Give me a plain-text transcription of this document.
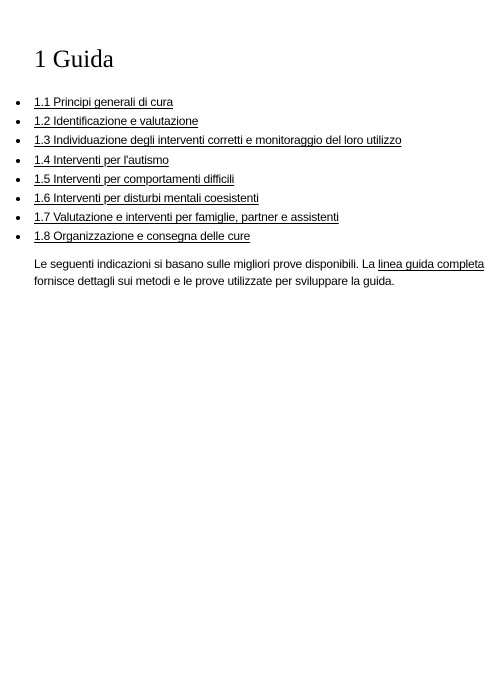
1 Guida
1.1 Principi generali di cura
1.2 Identificazione e valutazione
1.3 Individuazione degli interventi corretti e monitoraggio del loro utilizzo
1.4 Interventi per l'autismo
1.5 Interventi per comportamenti difficili
1.6 Interventi per disturbi mentali coesistenti
1.7 Valutazione e interventi per famiglie, partner e assistenti
1.8 Organizzazione e consegna delle cure

Le seguenti indicazioni si basano sulle migliori prove disponibili. La linea guida completa fornisce dettagli sui metodi e le prove utilizzate per sviluppare la guida.
